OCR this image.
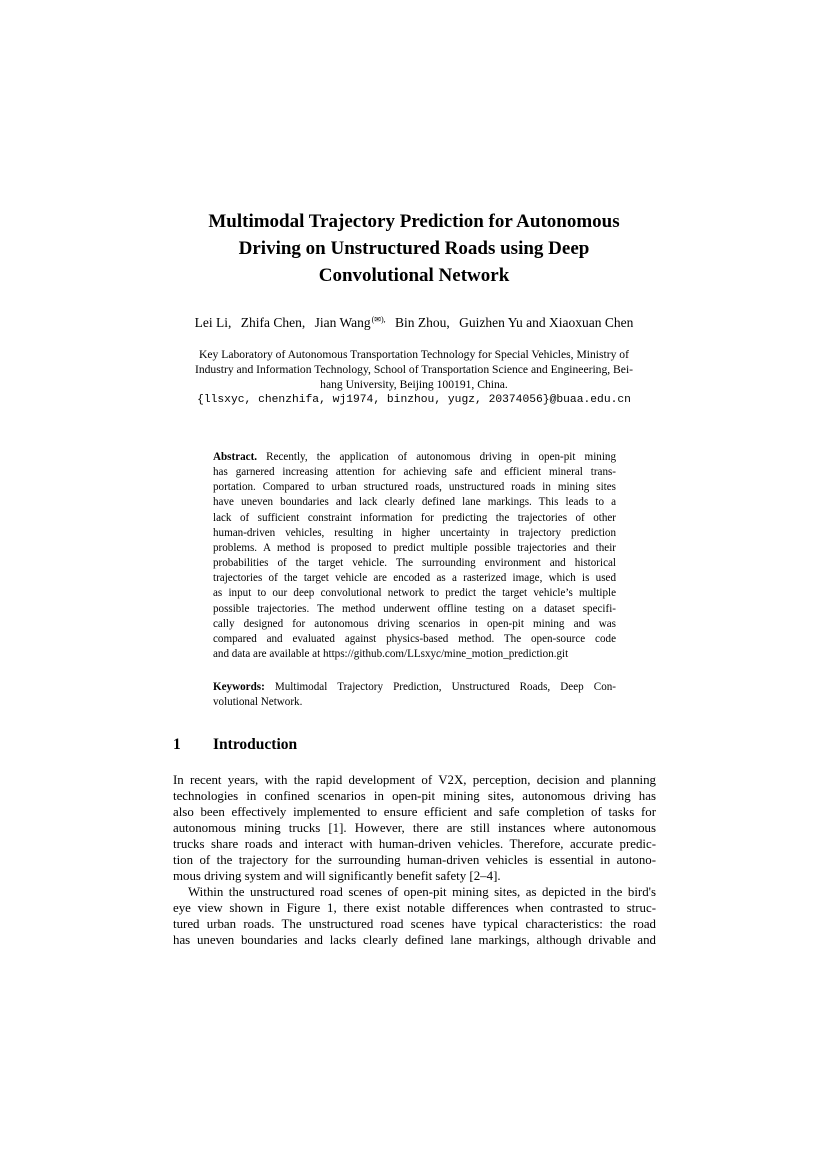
Multimodal Trajectory Prediction for Autonomous
Driving on Unstructured Roads using Deep
Convolutional Network
Lei Li, Zhifa Chen, Jian Wang(✉), Bin Zhou, Guizhen Yu and Xiaoxuan Chen
Key Laboratory of Autonomous Transportation Technology for Special Vehicles, Ministry of
Industry and Information Technology, School of Transportation Science and Engineering, Bei-
hang University, Beijing 100191, China.
{llsxyc, chenzhifa, wj1974, binzhou, yugz, 20374056}@buaa.edu.cn
Abstract. Recently, the application of autonomous driving in open-pit mining
has garnered increasing attention for achieving safe and efficient mineral trans-
portation. Compared to urban structured roads, unstructured roads in mining sites
have uneven boundaries and lack clearly defined lane markings. This leads to a
lack of sufficient constraint information for predicting the trajectories of other
human-driven vehicles, resulting in higher uncertainty in trajectory prediction
problems. A method is proposed to predict multiple possible trajectories and their
probabilities of the target vehicle. The surrounding environment and historical
trajectories of the target vehicle are encoded as a rasterized image, which is used
as input to our deep convolutional network to predict the target vehicle’s multiple
possible trajectories. The method underwent offline testing on a dataset specifi-
cally designed for autonomous driving scenarios in open-pit mining and was
compared and evaluated against physics-based method. The open-source code
and data are available at https://github.com/LLsxyc/mine_motion_prediction.git
Keywords: Multimodal Trajectory Prediction, Unstructured Roads, Deep Con-
volutional Network.
1 Introduction
In recent years, with the rapid development of V2X, perception, decision and planning
technologies in confined scenarios in open-pit mining sites, autonomous driving has
also been effectively implemented to ensure efficient and safe completion of tasks for
autonomous mining trucks [1]. However, there are still instances where autonomous
trucks share roads and interact with human-driven vehicles. Therefore, accurate predic-
tion of the trajectory for the surrounding human-driven vehicles is essential in autono-
mous driving system and will significantly benefit safety [2–4].
Within the unstructured road scenes of open-pit mining sites, as depicted in the bird's
eye view shown in Figure 1, there exist notable differences when contrasted to struc-
tured urban roads. The unstructured road scenes have typical characteristics: the road
has uneven boundaries and lacks clearly defined lane markings, although drivable and
